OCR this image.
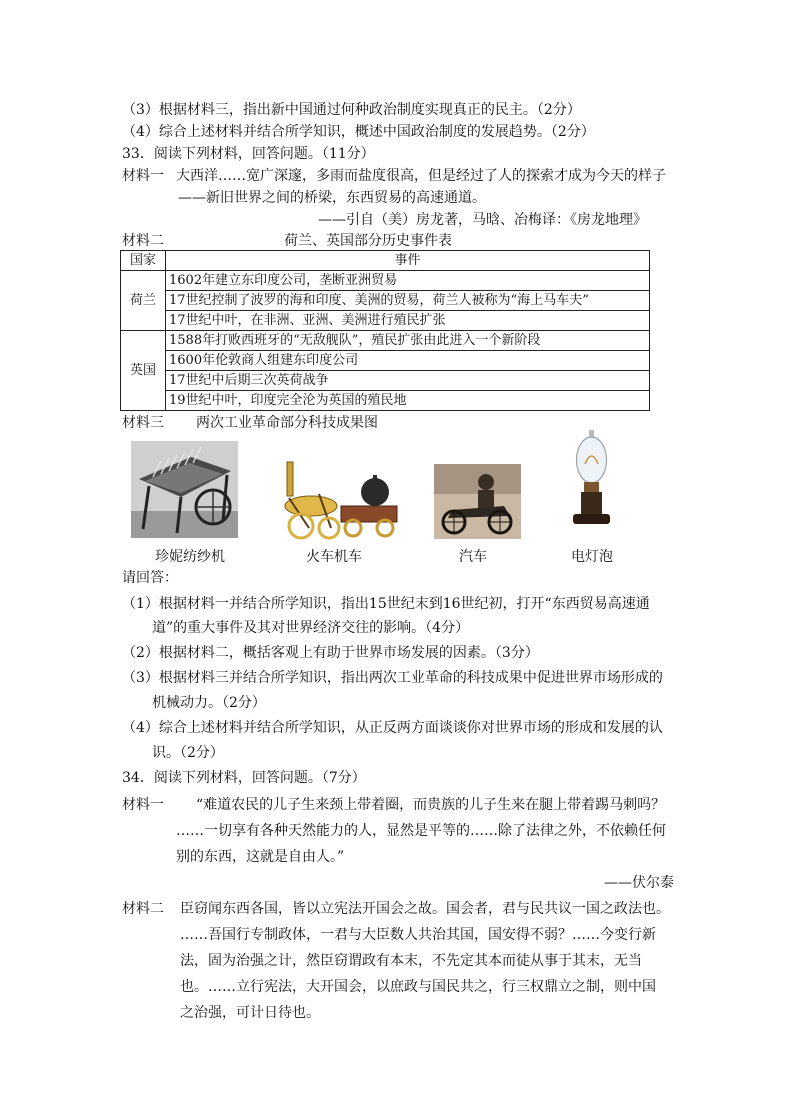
（3）根据材料三，指出新中国通过何种政治制度实现真正的民主。（2分）
（4）综合上述材料并结合所学知识，概述中国政治制度的发展趋势。（2分）
33．阅读下列材料，回答问题。（11分）
材料一 大西洋……宽广深邃，多雨而盐度很高，但是经过了人的探索才成为今天的样子
——新旧世界之间的桥梁，东西贸易的高速通道。
——引自（美）房龙著，马晗、冶梅译：《房龙地理》
材料二	荷兰、英国部分历史事件表
国家	事件
荷兰	1602年建立东印度公司，垄断亚洲贸易
	17世纪控制了波罗的海和印度、美洲的贸易，荷兰人被称为“海上马车夫”
	17世纪中叶，在非洲、亚洲、美洲进行殖民扩张
英国	1588年打败西班牙的“无敌舰队”，殖民扩张由此进入一个新阶段
	1600年伦敦商人组建东印度公司
	17世纪中后期三次英荷战争
	19世纪中叶，印度完全沦为英国的殖民地
材料三 两次工业革命部分科技成果图
珍妮纺纱机	火车机车	汽车	电灯泡
请回答：
（1）根据材料一并结合所学知识，指出15世纪末到16世纪初，打开“东西贸易高速通
道”的重大事件及其对世界经济交往的影响。（4分）
（2）根据材料二，概括客观上有助于世界市场发展的因素。（3分）
（3）根据材料三并结合所学知识，指出两次工业革命的科技成果中促进世界市场形成的
机械动力。（2分）
（4）综合上述材料并结合所学知识，从正反两方面谈谈你对世界市场的形成和发展的认
识。（2分）
34．阅读下列材料，回答问题。（7分）
材料一 “难道农民的儿子生来颈上带着圈，而贵族的儿子生来在腿上带着踢马刺吗？
……一切享有各种天然能力的人，显然是平等的……除了法律之外，不依赖任何
别的东西，这就是自由人。”
——伏尔泰
材料二 臣窃闻东西各国，皆以立宪法开国会之故。国会者，君与民共议一国之政法也。
……吾国行专制政体，一君与大臣数人共治其国，国安得不弱？……今变行新
法，固为治强之计，然臣窃谓政有本末，不先定其本而徒从事于其末，无当
也。……立行宪法，大开国会，以庶政与国民共之，行三权鼎立之制，则中国
之治强，可计日待也。
